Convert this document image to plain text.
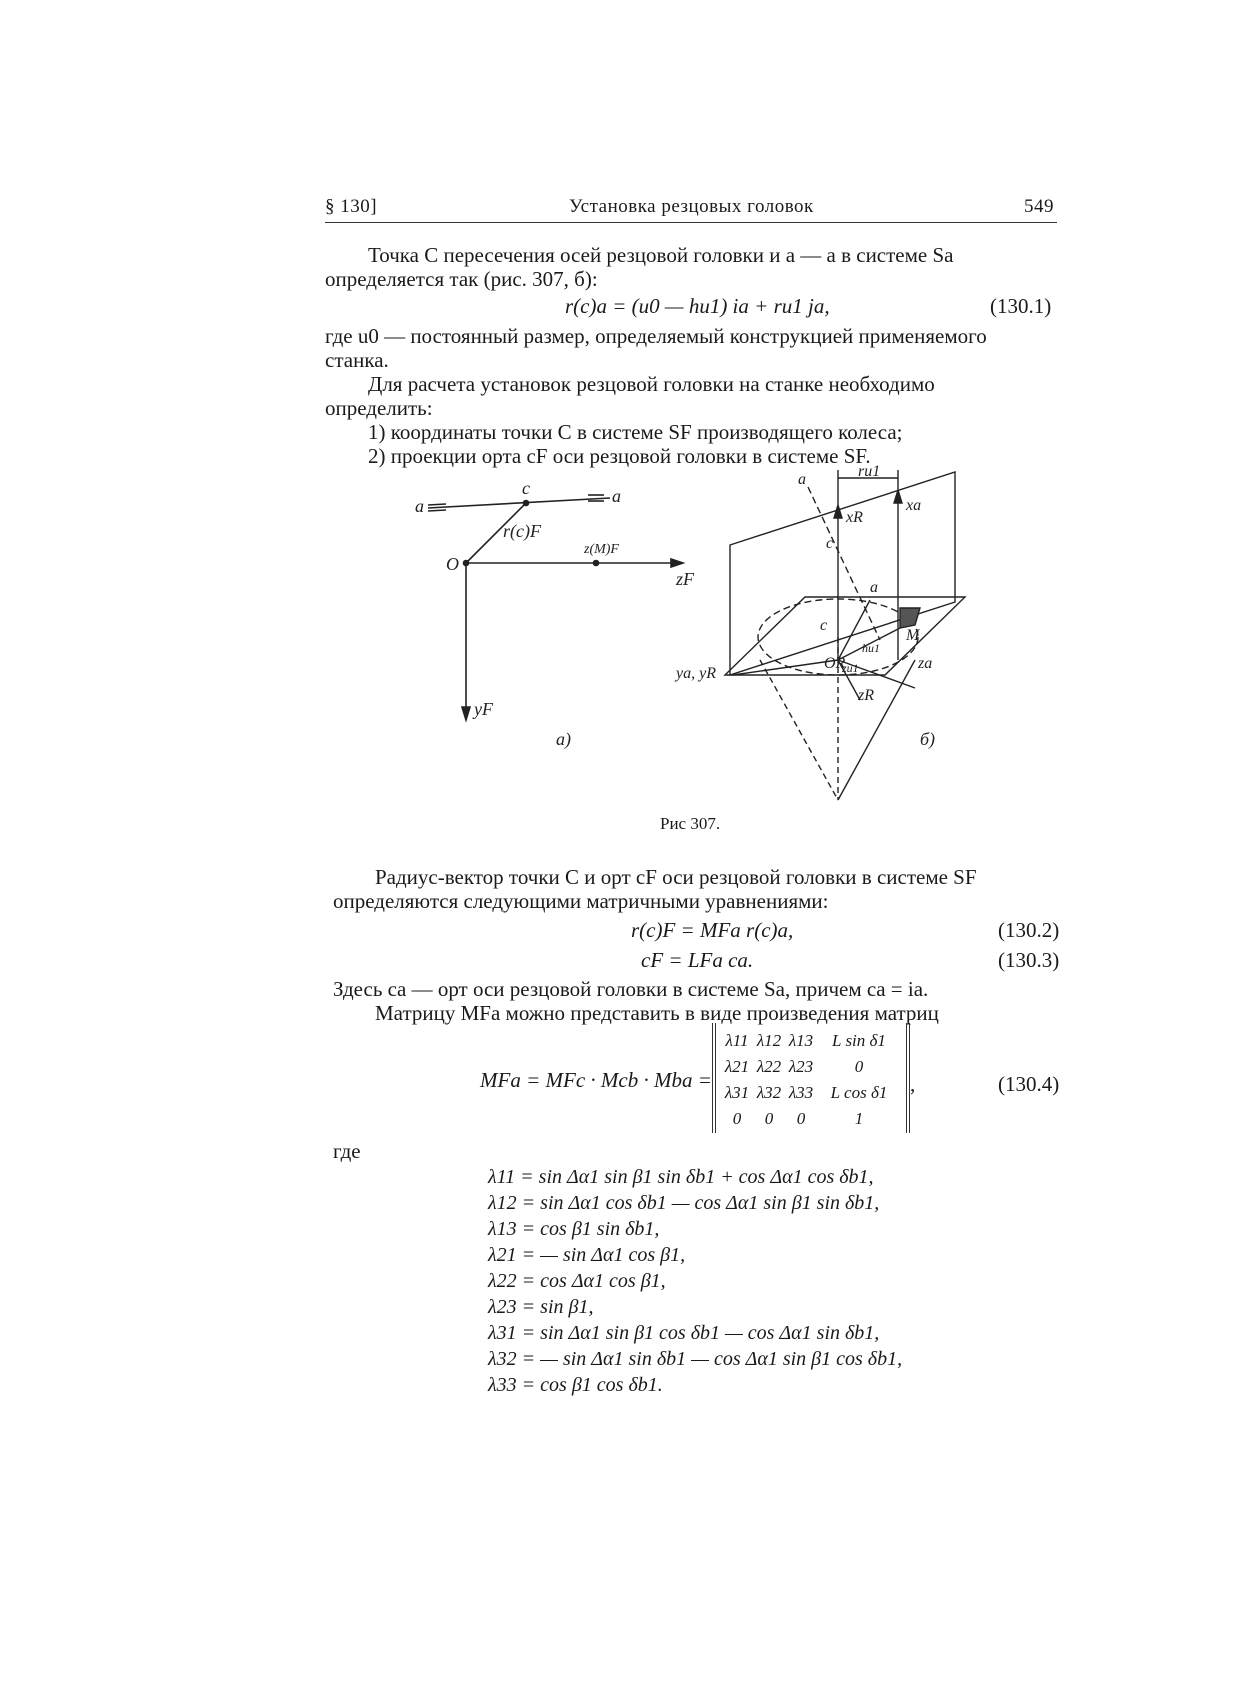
§ 130]	Установка резцовых головок	549
Точка C пересечения осей резцовой головки и a — a в системе Sa
определяется так (рис. 307, б):
r(c)a = (u0 — hu1) ia + ru1 ja,	(130.1)
где u0 — постоянный размер, определяемый конструкцией применяемого
станка.
Для расчета установок резцовой головки на станке необходимо
определить:
1) координаты точки C в системе SF производящего колеса;
2) проекции орта cF оси резцовой головки в системе SF.
a	a
c
r(c)F
O
zF
yF
z(M)F
а)
a	ru1
xR
xa
c
a
c
M
OR
ya, yR
za
zR
hu1
zu1
б)
Рис 307.
Радиус-вектор точки C и орт cF оси резцовой головки в системе SF
определяются следующими матричными уравнениями:
r(c)F = MFa r(c)a,	(130.2)
cF = LFa ca.	(130.3)
Здесь ca — орт оси резцовой головки в системе Sa, причем ca = ia.
Матрицу MFa можно представить в виде произведения матриц
MFa = MFc · Mcb · Mba =
λ11 λ12 λ13	L sin δ1
λ21 λ22 λ23	0
λ31 λ32 λ33	L cos δ1
0	0	0	1
,	(130.4)
где
λ11 = sin Δα1 sin β1 sin δb1 + cos Δα1 cos δb1,
λ12 = sin Δα1 cos δb1 — cos Δα1 sin β1 sin δb1,
λ13 = cos β1 sin δb1,
λ21 = — sin Δα1 cos β1,
λ22 = cos Δα1 cos β1,
λ23 = sin β1,
λ31 = sin Δα1 sin β1 cos δb1 — cos Δα1 sin δb1,
λ32 = — sin Δα1 sin δb1 — cos Δα1 sin β1 cos δb1,
λ33 = cos β1 cos δb1.
